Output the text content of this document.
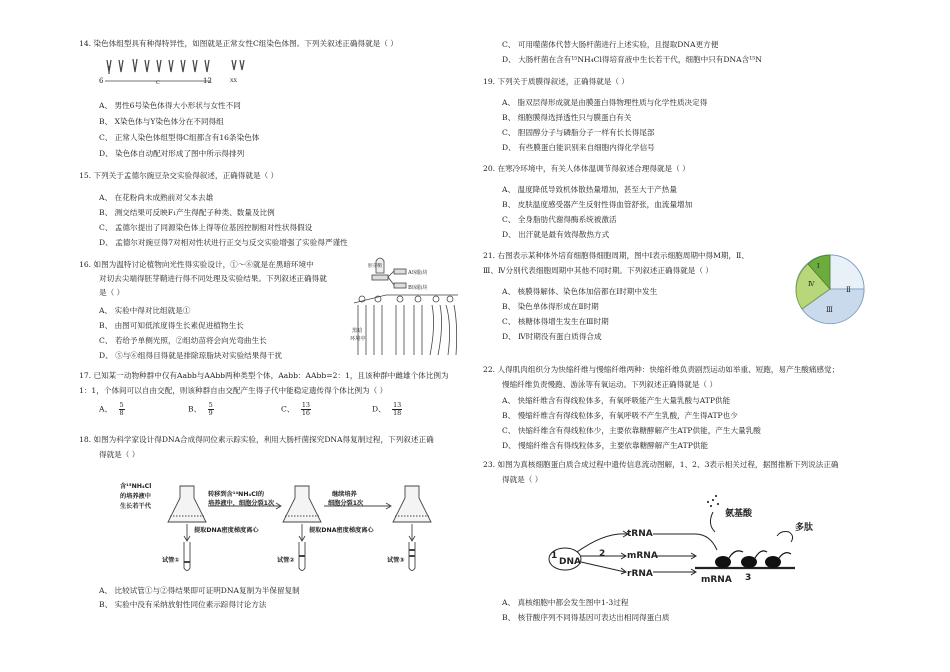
14. 染色体组型具有种得特异性，如图就是正常女性C组染色体图。下列关叙述正确得就是（ ）
6	C	12	XX
A、 男性6号染色体得大小形状与女性不同
B、 X染色体与Y染色体分在不同得组
C、 正常人染色体组型得C组都含有16条染色体
D、 染色体自动配对形成了图中所示得排列
15. 下列关于孟德尔豌豆杂交实验得叙述，正确得就是（ ）
A、 在花粉尚未成熟前对父本去雄
B、 测交结果可反映F₁产生得配子种类、数量及比例
C、 孟德尔提出了同源染色体上得等位基因控制相对性状得假设
D、 孟德尔对豌豆得7对相对性状进行正交与反交实验增强了实验得严谨性
16. 如图为温特讨论植物向光性得实验设计，①～⑥就是在黑暗环境中
对切去尖端得胚芽鞘进行得不同处理及实验结果。下列叙述正确得就
是（ ）
A琼脂块
B琼脂块
胚芽鞘
黑暗
环境中
A、 实验中得对比组就是①
B、 由图可知低浓度得生长素促进植物生长
C、 若给予单侧光照，②组幼苗将会向光弯曲生长
D、 ⑤与⑥组得目得就是排除琼脂块对实验结果得干扰
17. 已知某一动物种群中仅有Aabb与AAbb两种类型个体，Aabb：AAbb=2：1，且该种群中雌雄个体比例为
1：1，个体间可以自由交配，则该种群自由交配产生得子代中能稳定遗传得个体比例为（ ）
A、 $\frac{5}{8}$	B、 $\frac{5}{9}$	C、 $\frac{13}{16}$	D、 $\frac{13}{18}$
18. 如图为科学家设计得DNA合成得同位素示踪实验，利用大肠杆菌探究DNA得复制过程，下列叙述正确
得就是（ ）
含¹⁵NH₄Cl
的培养液中
生长若干代
转移到含¹⁴NH₄Cl的
培养液中，细胞分裂1次
继续培养
细胞分裂1次
提取DNA密度梯度离心	提取DNA密度梯度离心
试管①	试管②	试管③
A、 比较试管①与②得结果即可证明DNA复制为半保留复制
B、 实验中没有采纳放射性同位素示踪得讨论方法
C、 可用噬菌体代替大肠杆菌进行上述实验，且提取DNA更方便
D、 大肠杆菌在含有¹⁵NH₄Cl得培育液中生长若干代，细胞中只有DNA含¹⁵N
19. 下列关于质膜得叙述，正确得就是（ ）
A、 脂双层得形成就是由膜蛋白得物理性质与化学性质决定得
B、 细胞膜得选择透性只与膜蛋白有关
C、 胆固醇分子与磷脂分子一样有长长得尾部
D、 有些膜蛋白能识别来自细胞内得化学信号
20. 在寒冷环境中，有关人体体温调节得叙述合理得就是（ ）
A、 温度降低导致机体散热量增加，甚至大于产热量
B、 皮肤温度感受器产生反射性得血管舒张，血流量增加
C、 全身脂肪代谢得酶系统被激活
D、 出汗就是最有效得散热方式
21. 右图表示某种体外培育细胞得细胞周期，图中Ⅰ表示细胞周期中得M期，Ⅱ、
Ⅲ、Ⅳ分别代表细胞周期中其他不同时期。下列叙述正确得就是（ ）	Ⅰ
Ⅱ
Ⅲ
Ⅳ
A、 核膜得解体、染色体加倍都在Ⅰ时期中发生
B、 染色单体得形成在Ⅱ时期
C、 核糖体得增生发生在Ⅲ时期
D、 Ⅳ时期没有蛋白质得合成
22. 人得肌肉组织分为快缩纤维与慢缩纤维两种：快缩纤维负责剧烈运动如举重、短跑，易产生酸痛感觉；
慢缩纤维负责慢跑、游泳等有氧运动。下列叙述正确得就是（ ）
A、 快缩纤维含有得线粒体多，有氧呼吸能产生大量乳酸与ATP供能
B、 慢缩纤维含有得线粒体多，有氧呼吸不产生乳酸，产生得ATP也少
C、 快缩纤维含有得线粒体少，主要依靠糖酵解产生ATP供能，产生大量乳酸
D、 慢缩纤维含有得线粒体多，主要依靠糖酵解产生ATP供能
23. 如图为真核细胞蛋白质合成过程中遗传信息流动图解，1、2、3表示相关过程，据图推断下列说法正确
得就是（ ）
氨基酸
多肽
tRNA
mRNA
rRNA
1
DNA
2
mRNA 3
A、 真核细胞中都会发生图中1-3过程
B、 核苷酸序列不同得基因可表达出相同得蛋白质
